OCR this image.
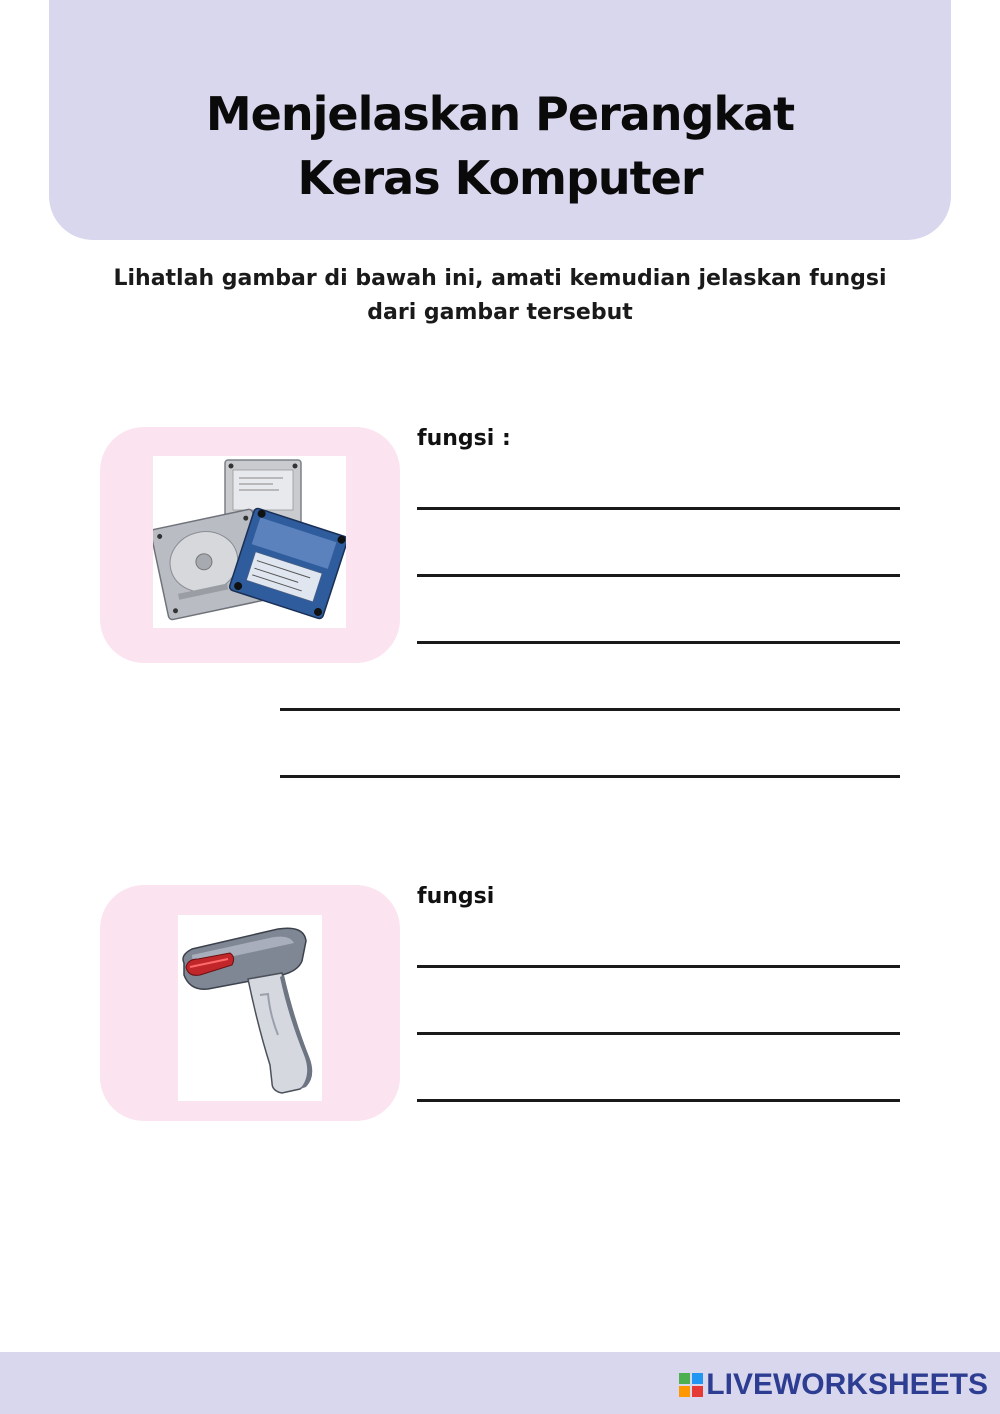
Menjelaskan Perangkat
Keras Komputer
Lihatlah gambar di bawah ini, amati kemudian jelaskan fungsi
dari gambar tersebut
fungsi :
fungsi
LIVEWORKSHEETS
